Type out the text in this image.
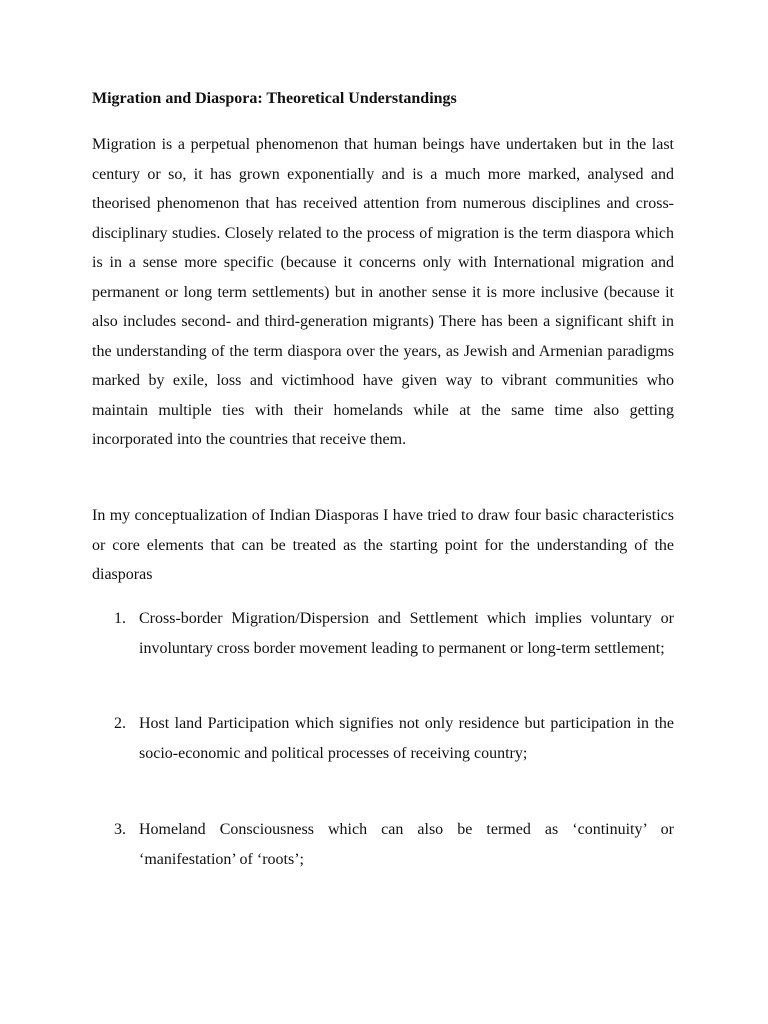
Migration and Diaspora: Theoretical Understandings

Migration is a perpetual phenomenon that human beings have undertaken but in the last century or so, it has grown exponentially and is a much more marked, analysed and theorised phenomenon that has received attention from numerous disciplines and cross-disciplinary studies. Closely related to the process of migration is the term diaspora which is in a sense more specific (because it concerns only with International migration and permanent or long term settlements) but in another sense it is more inclusive (because it also includes second- and third-generation migrants) There has been a significant shift in the understanding of the term diaspora over the years, as Jewish and Armenian paradigms marked by exile, loss and victimhood have given way to vibrant communities who maintain multiple ties with their homelands while at the same time also getting incorporated into the countries that receive them.

In my conceptualization of Indian Diasporas I have tried to draw four basic characteristics or core elements that can be treated as the starting point for the understanding of the diasporas

1. Cross-border Migration/Dispersion and Settlement which implies voluntary or involuntary cross border movement leading to permanent or long-term settlement;
2. Host land Participation which signifies not only residence but participation in the socio-economic and political processes of receiving country;
3. Homeland Consciousness which can also be termed as ‘continuity’ or ‘manifestation’ of ‘roots’;
